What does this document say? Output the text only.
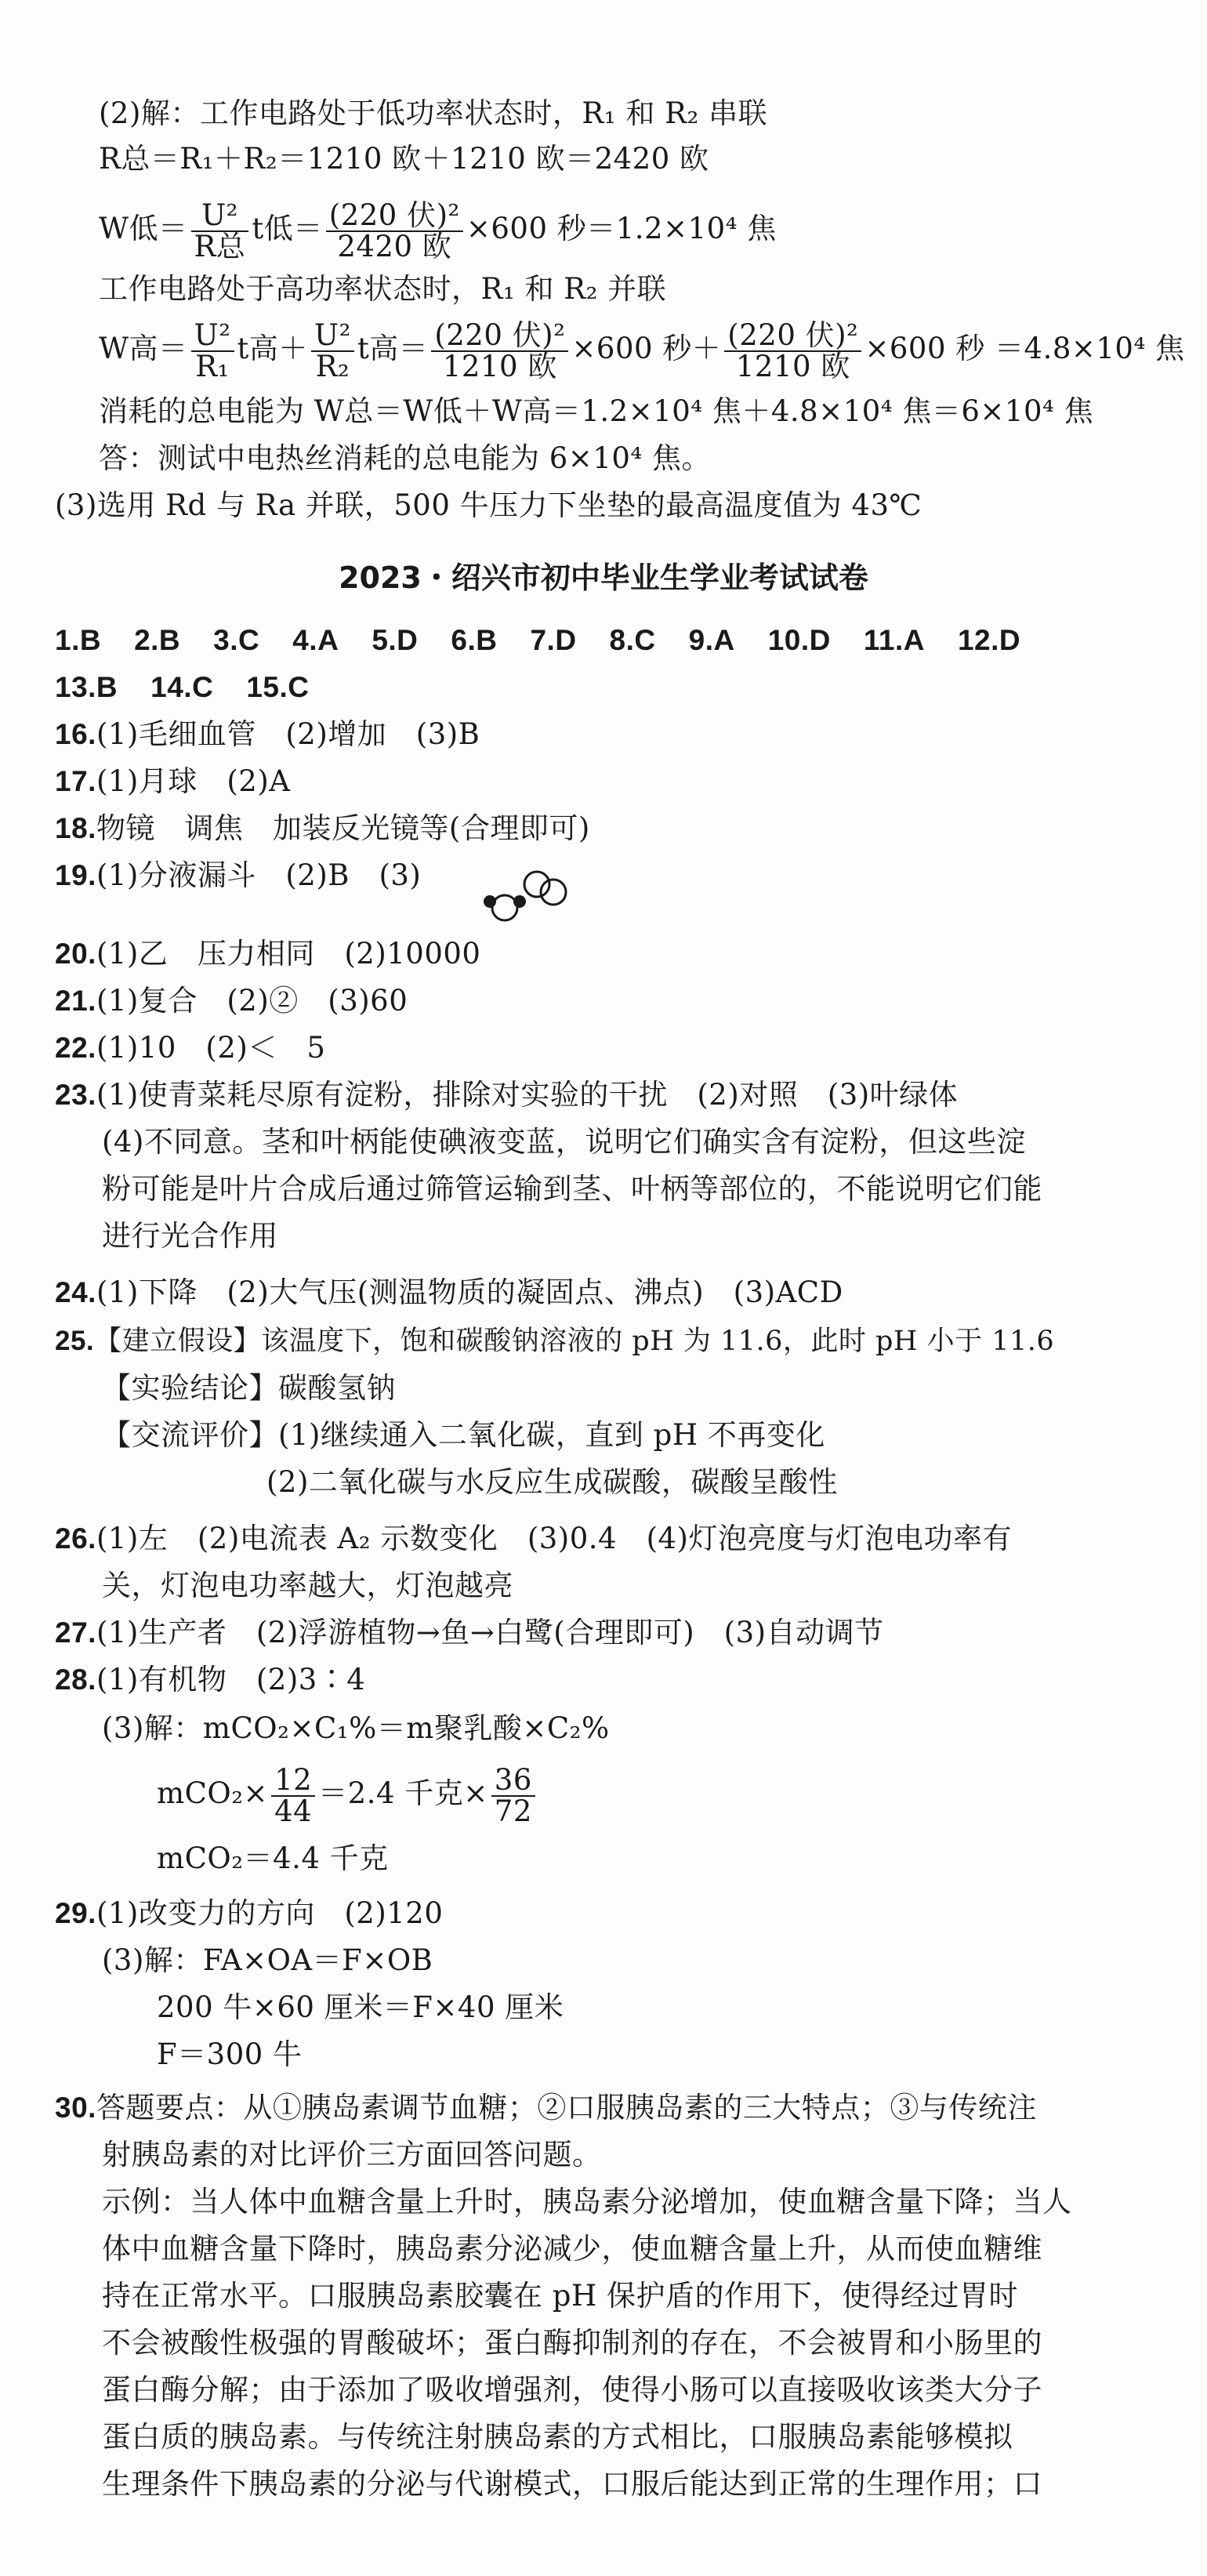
(2)解：工作电路处于低功率状态时，R₁ 和 R₂ 串联
R总＝R₁＋R₂＝1210 欧＋1210 欧＝2420 欧
W低＝ $\frac{\text{U²}}{\text{R总}}$ t低＝ $\frac{\text{(220 伏)²}}{\text{2420 欧}} \times 600$ 秒＝1.2×10⁴ 焦
工作电路处于高功率状态时，R₁ 和 R₂ 并联
W高＝ $\frac{\text{U²}}{\text{R₁}}$ t高＋ $\frac{\text{U²}}{\text{R₂}}$ t高＝ $\frac{\text{(220 伏)²}}{\text{1210 欧}} \times 600$ 秒＋ $\frac{\text{(220 伏)²}}{\text{1210 欧}} \times 600$ 秒 ＝4.8×10⁴ 焦
消耗的总电能为 W总＝W低＋W高＝1.2×10⁴ 焦＋4.8×10⁴ 焦＝6×10⁴ 焦
答：测试中电热丝消耗的总电能为 6×10⁴ 焦。
(3)选用 Rd 与 Ra 并联，500 牛压力下坐垫的最高温度值为 43℃
2023・绍兴市初中毕业生学业考试试卷
1.B 2.B 3.C 4.A 5.D 6.B 7.D 8.C 9.A 10.D 11.A 12.D
13.B 14.C 15.C
16.(1)毛细血管　(2)增加　(3)B
17.(1)月球　(2)A
18.物镜　调焦　加装反光镜等(合理即可)
19.(1)分液漏斗　(2)B　(3)
20.(1)乙　压力相同　(2)10000
21.(1)复合　(2)②　(3)60
22.(1)10　(2)＜　5
23.(1)使青菜耗尽原有淀粉，排除对实验的干扰　(2)对照　(3)叶绿体
(4)不同意。茎和叶柄能使碘液变蓝，说明它们确实含有淀粉，但这些淀
粉可能是叶片合成后通过筛管运输到茎、叶柄等部位的，不能说明它们能
进行光合作用
24.(1)下降　(2)大气压(测温物质的凝固点、沸点)　(3)ACD
25.【建立假设】该温度下，饱和碳酸钠溶液的 pH 为 11.6，此时 pH 小于 11.6
【实验结论】碳酸氢钠
【交流评价】(1)继续通入二氧化碳，直到 pH 不再变化
(2)二氧化碳与水反应生成碳酸，碳酸呈酸性
26.(1)左　(2)电流表 A₂ 示数变化　(3)0.4　(4)灯泡亮度与灯泡电功率有
关，灯泡电功率越大，灯泡越亮
27.(1)生产者　(2)浮游植物→鱼→白鹭(合理即可)　(3)自动调节
28.(1)有机物　(2)3∶4
(3)解：mCO₂×C₁%＝m聚乳酸×C₂%
$mCO_2\times \frac{12}{44} =2.4$ 千克× $\frac{36}{72}$
mCO₂＝4.4 千克
29.(1)改变力的方向　(2)120
(3)解：FA×OA＝F×OB
200 牛×60 厘米＝F×40 厘米
F＝300 牛
30.答题要点：从①胰岛素调节血糖；②口服胰岛素的三大特点；③与传统注
射胰岛素的对比评价三方面回答问题。
示例：当人体中血糖含量上升时，胰岛素分泌增加，使血糖含量下降；当人
体中血糖含量下降时，胰岛素分泌减少，使血糖含量上升，从而使血糖维
持在正常水平。口服胰岛素胶囊在 pH 保护盾的作用下，使得经过胃时
不会被酸性极强的胃酸破坏；蛋白酶抑制剂的存在，不会被胃和小肠里的
蛋白酶分解；由于添加了吸收增强剂，使得小肠可以直接吸收该类大分子
蛋白质的胰岛素。与传统注射胰岛素的方式相比，口服胰岛素能够模拟
生理条件下胰岛素的分泌与代谢模式，口服后能达到正常的生理作用；口
